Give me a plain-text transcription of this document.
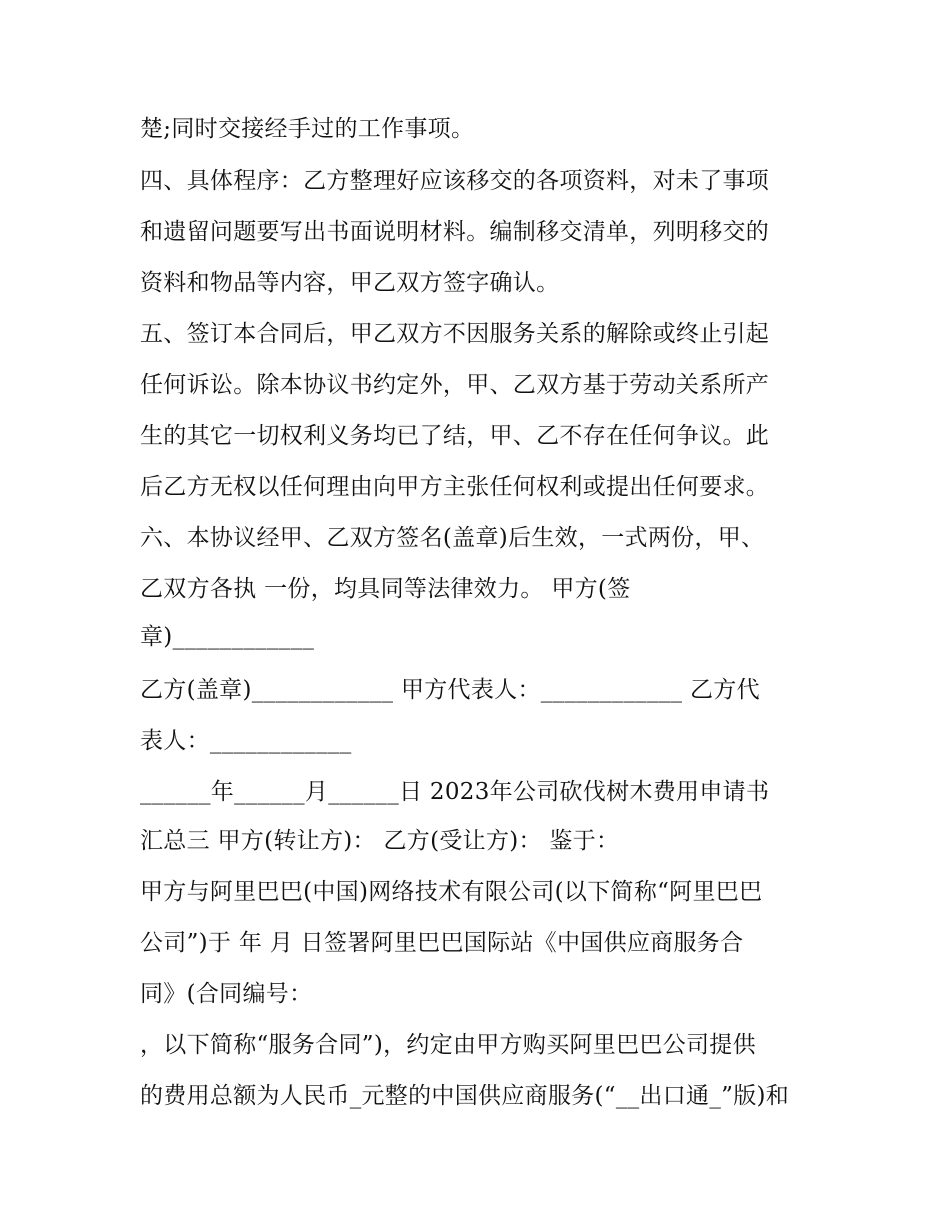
楚;同时交接经手过的工作事项。
四、具体程序：乙方整理好应该移交的各项资料，对未了事项
和遗留问题要写出书面说明材料。编制移交清单，列明移交的
资料和物品等内容，甲乙双方签字确认。
五、签订本合同后，甲乙双方不因服务关系的解除或终止引起
任何诉讼。除本协议书约定外，甲、乙双方基于劳动关系所产
生的其它一切权利义务均已了结，甲、乙不存在任何争议。此
后乙方无权以任何理由向甲方主张任何权利或提出任何要求。
六、本协议经甲、乙双方签名(盖章)后生效，一式两份，甲、
乙双方各执 一份，均具同等法律效力。 甲方(签
章)____________
乙方(盖章)____________ 甲方代表人：____________ 乙方代
表人：____________
______年______月______日 2023年公司砍伐树木费用申请书
汇总三 甲方(转让方)： 乙方(受让方)： 鉴于：
甲方与阿里巴巴(中国)网络技术有限公司(以下简称“阿里巴巴
公司”)于 年 月 日签署阿里巴巴国际站《中国供应商服务合
同》(合同编号：
，以下简称“服务合同”)，约定由甲方购买阿里巴巴公司提供
的费用总额为人民币_元整的中国供应商服务(“__出口通_”版)和
